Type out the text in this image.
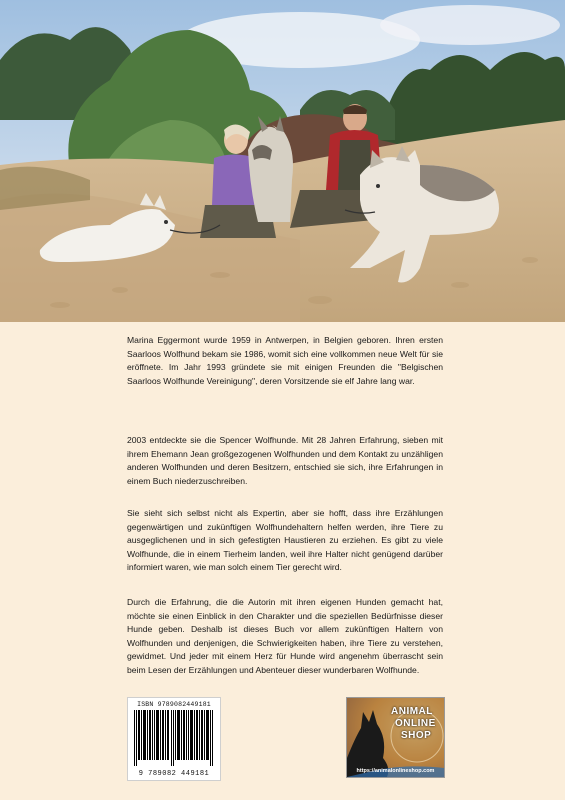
Marina Eggermont wurde 1959 in Antwerpen, in Belgien geboren. Ihren ersten Saarloos Wolfhund bekam sie 1986, womit sich eine vollkommen neue Welt für sie eröffnete. Im Jahr 1993 gründete sie mit einigen Freunden die "Belgischen Saarloos Wolfhunde Vereinigung", deren Vorsitzende sie elf Jahre lang war.

2003 entdeckte sie die Spencer Wolfhunde. Mit 28 Jahren Erfahrung, sieben mit ihrem Ehemann Jean großgezogenen Wolfhunden und dem Kontakt zu unzähligen anderen Wolfhunden und deren Besitzern, entschied sie sich, ihre Erfahrungen in einem Buch niederzuschreiben.

Sie sieht sich selbst nicht als Expertin, aber sie hofft, dass ihre Erzählungen gegenwärtigen und zukünftigen Wolfhundehaltern helfen werden, ihre Tiere zu ausgeglichenen und in sich gefestigten Haustieren zu erziehen. Es gibt zu viele Wolfhunde, die in einem Tierheim landen, weil ihre Halter nicht genügend darüber informiert waren, wie man solch einem Tier gerecht wird.

Durch die Erfahrung, die die Autorin mit ihren eigenen Hunden gemacht hat, möchte sie einen Einblick in den Charakter und die speziellen Bedürfnisse dieser Hunde geben. Deshalb ist dieses Buch vor allem zukünftigen Haltern von Wolfhunden und denjenigen, die Schwierigkeiten haben, ihre Tiere zu verstehen, gewidmet. Und jeder mit einem Herz für Hunde wird angenehm überrascht sein beim Lesen der Erzählungen und Abenteuer dieser wunderbaren Wolfhunde.

ISBN 9789082449181
9 789082 449181
ANIMAL
ONLINE
SHOP
https://animalonlineshop.com
